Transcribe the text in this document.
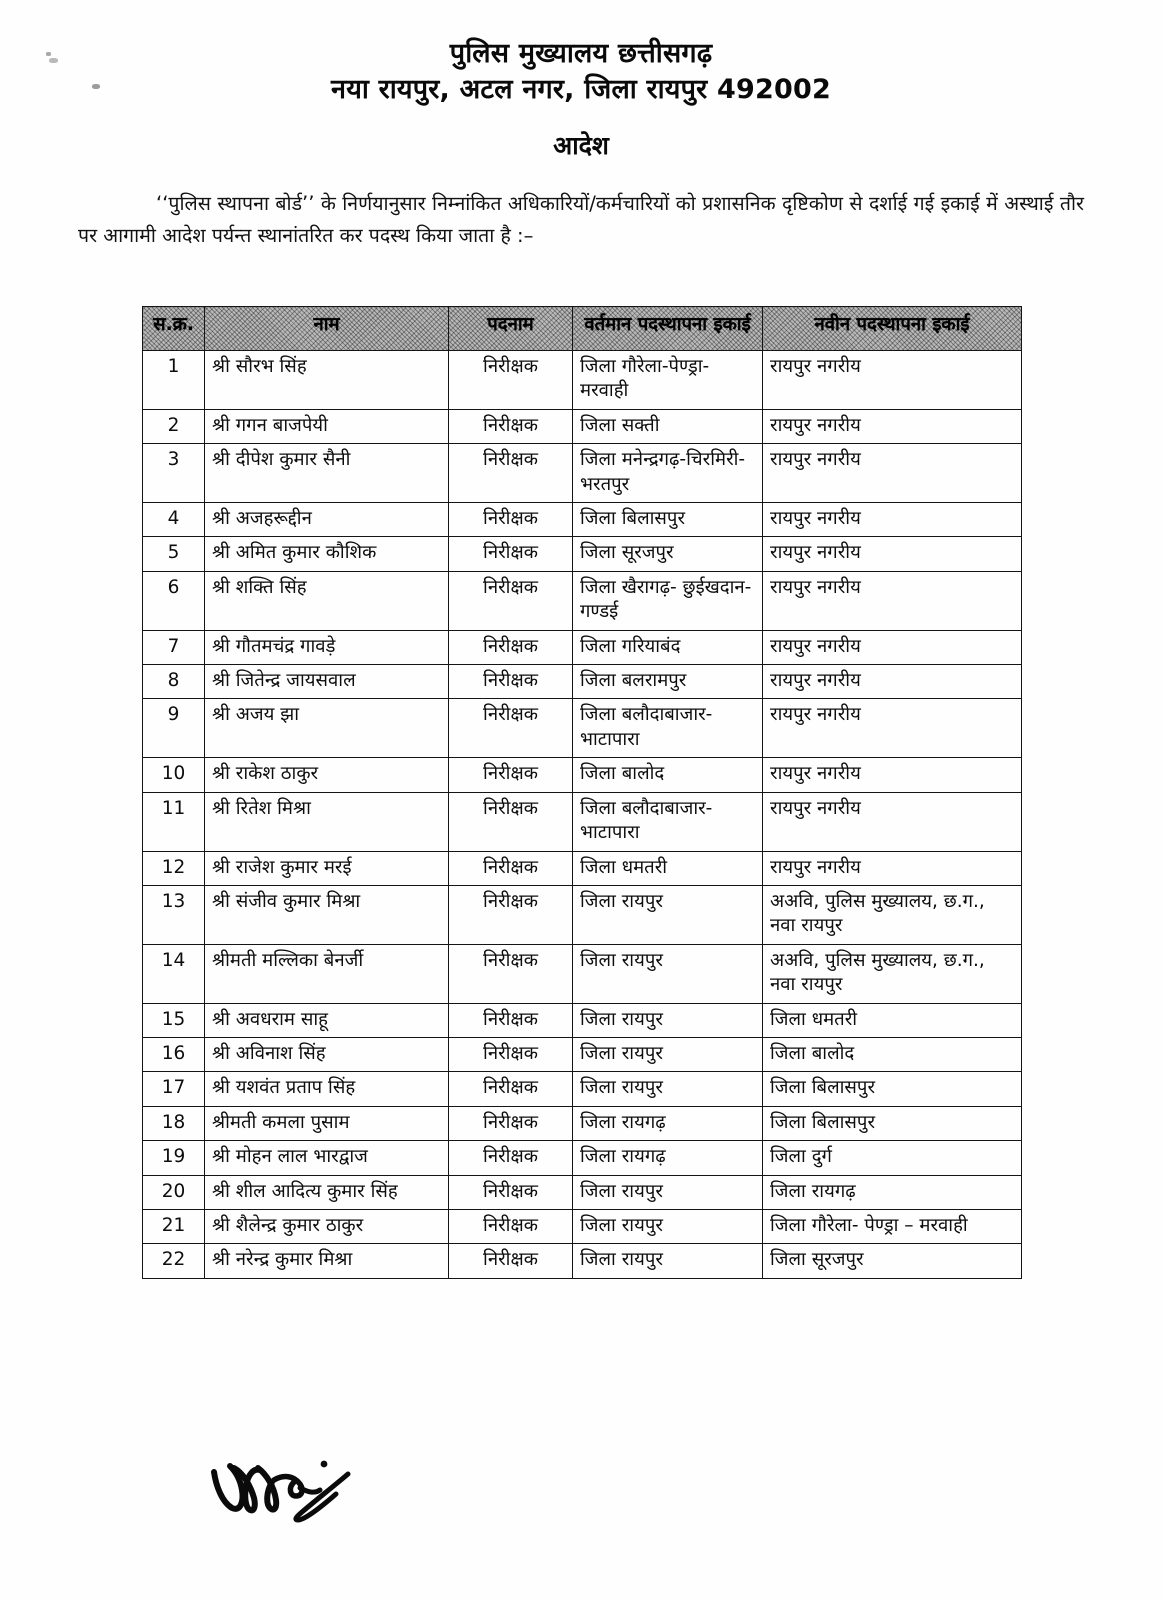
पुलिस मुख्यालय छत्तीसगढ़
नया रायपुर, अटल नगर, जिला रायपुर 492002
आदेश
‘‘पुलिस स्थापना बोर्ड’’ के निर्णयानुसार निम्नांकित अधिकारियों/कर्मचारियों को प्रशासनिक दृष्टिकोण से दर्शाई गई इकाई में अस्थाई तौर पर आगामी आदेश पर्यन्त स्थानांतरित कर पदस्थ किया जाता है :–
स.क्र.	नाम	पदनाम	वर्तमान पदस्थापना इकाई	नवीन पदस्थापना इकाई
1	श्री सौरभ सिंह	निरीक्षक	जिला गौरेला-पेण्ड्रा-मरवाही	रायपुर नगरीय
2	श्री गगन बाजपेयी	निरीक्षक	जिला सक्ती	रायपुर नगरीय
3	श्री दीपेश कुमार सैनी	निरीक्षक	जिला मनेन्द्रगढ़-चिरमिरी-भरतपुर	रायपुर नगरीय
4	श्री अजहरूद्दीन	निरीक्षक	जिला बिलासपुर	रायपुर नगरीय
5	श्री अमित कुमार कौशिक	निरीक्षक	जिला सूरजपुर	रायपुर नगरीय
6	श्री शक्ति सिंह	निरीक्षक	जिला खैरागढ़- छुईखदान-गण्डई	रायपुर नगरीय
7	श्री गौतमचंद्र गावड़े	निरीक्षक	जिला गरियाबंद	रायपुर नगरीय
8	श्री जितेन्द्र जायसवाल	निरीक्षक	जिला बलरामपुर	रायपुर नगरीय
9	श्री अजय झा	निरीक्षक	जिला बलौदाबाजार-भाटापारा	रायपुर नगरीय
10	श्री राकेश ठाकुर	निरीक्षक	जिला बालोद	रायपुर नगरीय
11	श्री रितेश मिश्रा	निरीक्षक	जिला बलौदाबाजार-भाटापारा	रायपुर नगरीय
12	श्री राजेश कुमार मरई	निरीक्षक	जिला धमतरी	रायपुर नगरीय
13	श्री संजीव कुमार मिश्रा	निरीक्षक	जिला रायपुर	अअवि, पुलिस मुख्यालय, छ.ग., नवा रायपुर
14	श्रीमती मल्लिका बेनर्जी	निरीक्षक	जिला रायपुर	अअवि, पुलिस मुख्यालय, छ.ग., नवा रायपुर
15	श्री अवधराम साहू	निरीक्षक	जिला रायपुर	जिला धमतरी
16	श्री अविनाश सिंह	निरीक्षक	जिला रायपुर	जिला बालोद
17	श्री यशवंत प्रताप सिंह	निरीक्षक	जिला रायपुर	जिला बिलासपुर
18	श्रीमती कमला पुसाम	निरीक्षक	जिला रायगढ़	जिला बिलासपुर
19	श्री मोहन लाल भारद्वाज	निरीक्षक	जिला रायगढ़	जिला दुर्ग
20	श्री शील आदित्य कुमार सिंह	निरीक्षक	जिला रायपुर	जिला रायगढ़
21	श्री शैलेन्द्र कुमार ठाकुर	निरीक्षक	जिला रायपुर	जिला गौरेला- पेण्ड्रा – मरवाही
22	श्री नरेन्द्र कुमार मिश्रा	निरीक्षक	जिला रायपुर	जिला सूरजपुर
